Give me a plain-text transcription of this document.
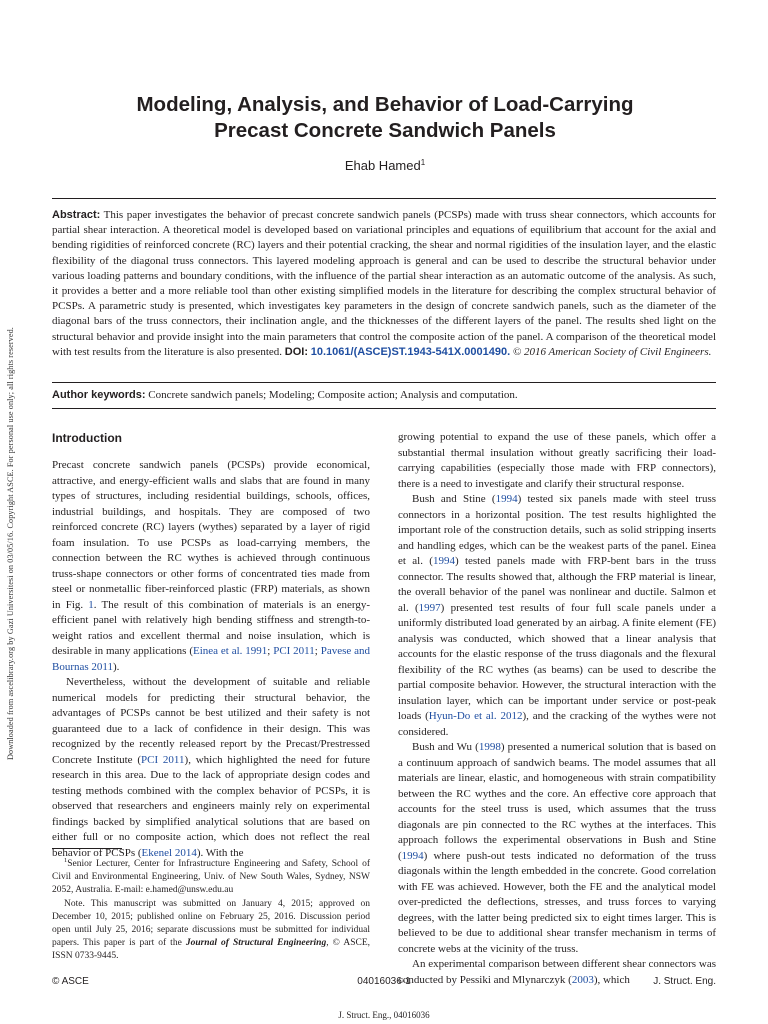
Downloaded from ascelibrary.org by Gazi Universitesi on 03/05/16. Copyright ASCE. For personal use only; all rights reserved.
Modeling, Analysis, and Behavior of Load-Carrying
Precast Concrete Sandwich Panels
Ehab Hamed$^1$
Abstract: This paper investigates the behavior of precast concrete sandwich panels (PCSPs) made with truss shear connectors, which accounts for partial shear interaction. A theoretical model is developed based on variational principles and equations of equilibrium that account for the axial and bending rigidities of reinforced concrete (RC) layers and their potential cracking, the shear and normal rigidities of the insulation layer, and the elastic flexibility of the diagonal truss connectors. This layered modeling approach is general and can be used to describe the structural behavior under various loading patterns and boundary conditions, with the influence of the partial shear interaction as an automatic outcome of the analysis. As such, it provides a better and a more reliable tool than other existing simplified models in the literature for describing the complex structural behavior of PCSPs. A parametric study is presented, which investigates key parameters in the design of concrete sandwich panels, such as the diameter of the diagonal bars of the truss connectors, their inclination angle, and the thicknesses of the different layers of the panel. The results shed light on the structural behavior and provide insight into the main parameters that control the composite action of the panel. A comparison of the theoretical model with test results from the literature is also presented. DOI: 10.1061/(ASCE)ST.1943-541X.0001490. © 2016 American Society of Civil Engineers.
Author keywords: Concrete sandwich panels; Modeling; Composite action; Analysis and computation.
Introduction

Precast concrete sandwich panels (PCSPs) provide economical, attractive, and energy-efficient walls and slabs that are found in many types of structures, including residential buildings, schools, offices, industrial buildings, and hospitals. They are composed of two reinforced concrete (RC) layers (wythes) separated by a layer of rigid foam insulation. To use PCSPs as load-carrying members, the connection between the RC wythes is achieved through continuous truss-shape connectors or other forms of concentrated ties made from steel or nonmetallic fiber-reinforced plastic (FRP) materials, as shown in Fig. 1. The result of this combination of materials is an energy-efficient panel with relatively high bending stiffness and strength-to-weight ratios and excellent thermal and noise insulation, which is desirable in many applications (Einea et al. 1991; PCI 2011; Pavese and Bournas 2011).

Nevertheless, without the development of suitable and reliable numerical models for predicting their structural behavior, the advantages of PCSPs cannot be best utilized and their safety is not guaranteed due to a lack of confidence in their design. This was recognized by the recently released report by the Precast/Prestressed Concrete Institute (PCI 2011), which highlighted the need for future research in this area. Due to the lack of appropriate design codes and testing methods combined with the complex behavior of PCSPs, it is observed that researchers and engineers mainly rely on experimental findings backed by simplified analytical solutions that are based on either full or no composite action, which does not reflect the real behavior of PCSPs (Ekenel 2014). With the

$^1$Senior Lecturer, Center for Infrastructure Engineering and Safety, School of Civil and Environmental Engineering, Univ. of New South Wales, Sydney, NSW 2052, Australia. E-mail: e.hamed@unsw.edu.au

Note. This manuscript was submitted on January 4, 2015; approved on December 10, 2015; published online on February 25, 2016. Discussion period open until July 25, 2016; separate discussions must be submitted for individual papers. This paper is part of the Journal of Structural Engineering, © ASCE, ISSN 0733-9445.

growing potential to expand the use of these panels, which offer a substantial thermal insulation without greatly sacrificing their load-carrying capabilities (especially those made with FRP connectors), there is a need to investigate and clarify their structural response.

Bush and Stine (1994) tested six panels made with steel truss connectors in a horizontal position. The test results highlighted the important role of the construction details, such as solid stripping inserts and handling edges, which can be the weakest parts of the panel. Einea et al. (1994) tested panels made with FRP-bent bars in the truss connector. The results showed that, although the FRP material is linear, the overall behavior of the panel was nonlinear and ductile. Salmon et al. (1997) presented test results of four full scale panels under a uniformly distributed load generated by an airbag. A finite element (FE) analysis was conducted, which showed that a linear analysis that accounts for the elastic response of the truss diagonals and the flexural flexibility of the RC wythes (as beams) can be used to describe the partial composite behavior. However, the structural interaction with the insulation layer, which can be important under service or post-peak loads (Hyun-Do et al. 2012), and the cracking of the wythes were not considered.

Bush and Wu (1998) presented a numerical solution that is based on a continuum approach of sandwich beams. The model assumes that all materials are linear, elastic, and homogeneous with strain compatibility between the RC wythes and the core. An effective core approach that accounts for the steel truss is used, which assumes that the truss diagonals are pin connected to the RC wythes at the interfaces. This approach follows the experimental observations in Bush and Stine (1994) where push-out tests indicated no deformation of the truss diagonals within the length embedded in the concrete. Good correlation with FE was achieved. However, both the FE and the analytical model over-predicted the deflections, stresses, and truss forces to varying degrees, with the latter being predicted six to eight times larger. This is believed to be due to additional shear transfer mechanism in terms of concrete webs at the vicinity of the truss.

An experimental comparison between different shear connectors was conducted by Pessiki and Mlynarczyk (2003), which

© ASCE	04016036-1	J. Struct. Eng.
J. Struct. Eng., 04016036
